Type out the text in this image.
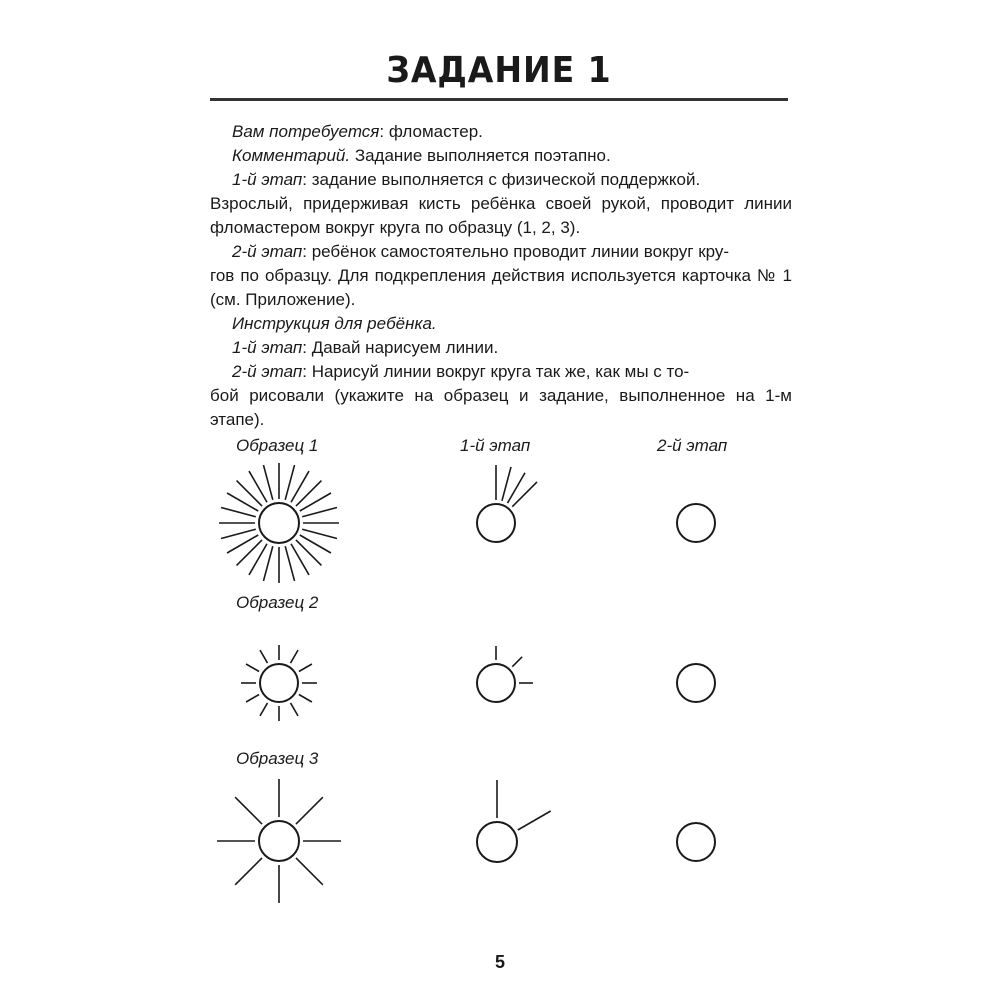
ЗАДАНИЕ 1

Вам потребуется: фломастер.

Комментарий. Задание выполняется поэтапно.

1-й этап: задание выполняется с физической поддержкой.

Взрослый, придерживая кисть ребёнка своей рукой, проводит линии фломастером вокруг круга по образцу (1, 2, 3).

2-й этап: ребёнок самостоятельно проводит линии вокруг кру-

гов по образцу. Для подкрепления действия используется карточка № 1 (см. Приложение).

Инструкция для ребёнка.

1-й этап: Давай нарисуем линии.

2-й этап: Нарисуй линии вокруг круга так же, как мы с то-

бой рисовали (укажите на образец и задание, выполненное на 1-м этапе).

Образец 1	1-й этап	2-й этап

Образец 2

Образец 3

5
